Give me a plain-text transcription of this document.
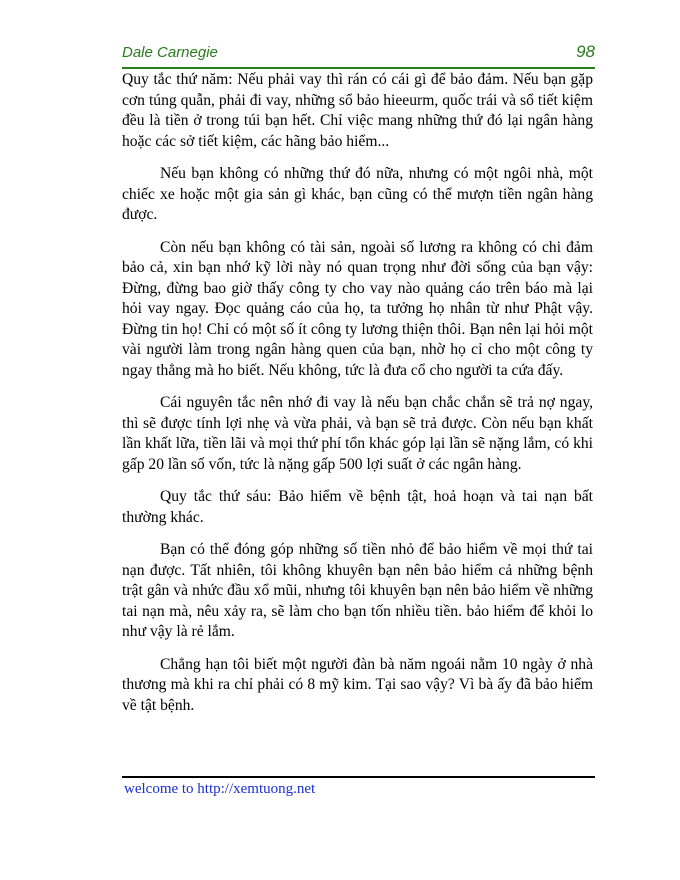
Dale Carnegie	98

Quy tắc thứ năm: Nếu phải vay thì rán có cái gì để bảo đảm. Nếu bạn gặp cơn túng quẫn, phải đi vay, những sổ bảo hieeurm, quốc trái và sổ tiết kiệm đều là tiền ở trong túi bạn hết. Chỉ việc mang những thứ đó lại ngân hàng hoặc các sở tiết kiệm, các hãng bảo hiểm...

Nếu bạn không có những thứ đó nữa, nhưng có một ngôi nhà, một chiếc xe hoặc một gia sản gì khác, bạn cũng có thể mượn tiền ngân hàng được.

Còn nếu bạn không có tài sản, ngoài số lương ra không có chi đảm bảo cả, xin bạn nhớ kỹ lời này nó quan trọng như đời sống của bạn vậy: Đừng, đừng bao giờ thấy công ty cho vay nào quảng cáo trên báo mà lại hỏi vay ngay. Đọc quảng cáo của họ, ta tưởng họ nhân từ như Phật vậy. Đừng tin họ! Chỉ có một số ít công ty lương thiện thôi. Bạn nên lại hỏi một vài người làm trong ngân hàng quen của bạn, nhờ họ cỉ cho một công ty ngay thẳng mà ho biết. Nếu không, tức là đưa cổ cho người ta cứa đấy.

Cái nguyên tắc nên nhớ đi vay là nếu bạn chắc chắn sẽ trả nợ ngay, thì sẽ được tính lợi nhẹ và vừa phải, và bạn sẽ trả được. Còn nếu bạn khất lần khất lữa, tiền lãi và mọi thứ phí tổn khác góp lại lần sẽ nặng lắm, có khi gấp 20 lần số vốn, tức là nặng gấp 500 lợi suất ở các ngân hàng.

Quy tắc thứ sáu: Bảo hiểm về bệnh tật, hoả hoạn và tai nạn bất thường khác.

Bạn có thể đóng góp những số tiền nhỏ để bảo hiểm về mọi thứ tai nạn được. Tất nhiên, tôi không khuyên bạn nên bảo hiểm cả những bệnh trật gân và nhức đầu xổ mũi, nhưng tôi khuyên bạn nên bảo hiểm về những tai nạn mà, nêu xảy ra, sẽ làm cho bạn tốn nhiều tiền. bảo hiểm để khỏi lo như vậy là rẻ lắm.

Chẳng hạn tôi biết một người đàn bà năm ngoái nằm 10 ngày ở nhà thương mà khi ra chỉ phải có 8 mỹ kim. Tại sao vậy? Vì bà ấy đã bảo hiểm về tật bệnh.

welcome to http://xemtuong.net
